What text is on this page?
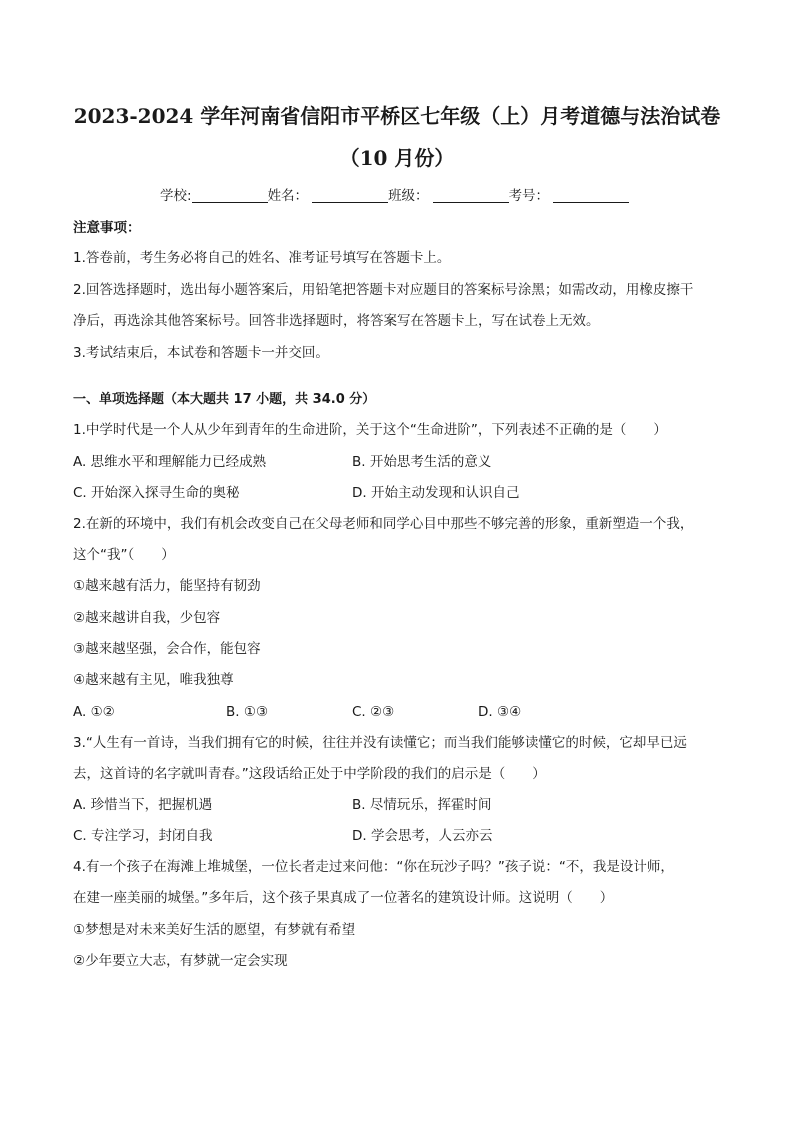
2023-2024 学年河南省信阳市平桥区七年级（上）月考道德与法治试卷
（10 月份）
学校:	姓名：	班级：	考号：
注意事项：
1.答卷前，考生务必将自己的姓名、准考证号填写在答题卡上。
2.回答选择题时，选出每小题答案后，用铅笔把答题卡对应题目的答案标号涂黑；如需改动，用橡皮擦干
净后，再选涂其他答案标号。回答非选择题时，将答案写在答题卡上，写在试卷上无效。
3.考试结束后，本试卷和答题卡一并交回。
一、单项选择题（本大题共 17 小题，共 34.0 分）
1.中学时代是一个人从少年到青年的生命进阶，关于这个“生命进阶”，下列表述不正确的是（　　）
A. 思维水平和理解能力已经成熟	B. 开始思考生活的意义
C. 开始深入探寻生命的奥秘	D. 开始主动发现和认识自己
2.在新的环境中，我们有机会改变自己在父母老师和同学心目中那些不够完善的形象，重新塑造一个我，
这个“我”（　　）
①越来越有活力，能坚持有韧劲
②越来越讲自我，少包容
③越来越坚强，会合作，能包容
④越来越有主见，唯我独尊
A. ①②	B. ①③	C. ②③	D. ③④
3.“人生有一首诗，当我们拥有它的时候，往往并没有读懂它；而当我们能够读懂它的时候，它却早已远
去，这首诗的名字就叫青春。”这段话给正处于中学阶段的我们的启示是（　　）
A. 珍惜当下，把握机遇	B. 尽情玩乐，挥霍时间
C. 专注学习，封闭自我	D. 学会思考，人云亦云
4.有一个孩子在海滩上堆城堡，一位长者走过来问他：“你在玩沙子吗？”孩子说：“不，我是设计师，
在建一座美丽的城堡。”多年后，这个孩子果真成了一位著名的建筑设计师。这说明（　　）
①梦想是对未来美好生活的愿望，有梦就有希望
②少年要立大志，有梦就一定会实现
